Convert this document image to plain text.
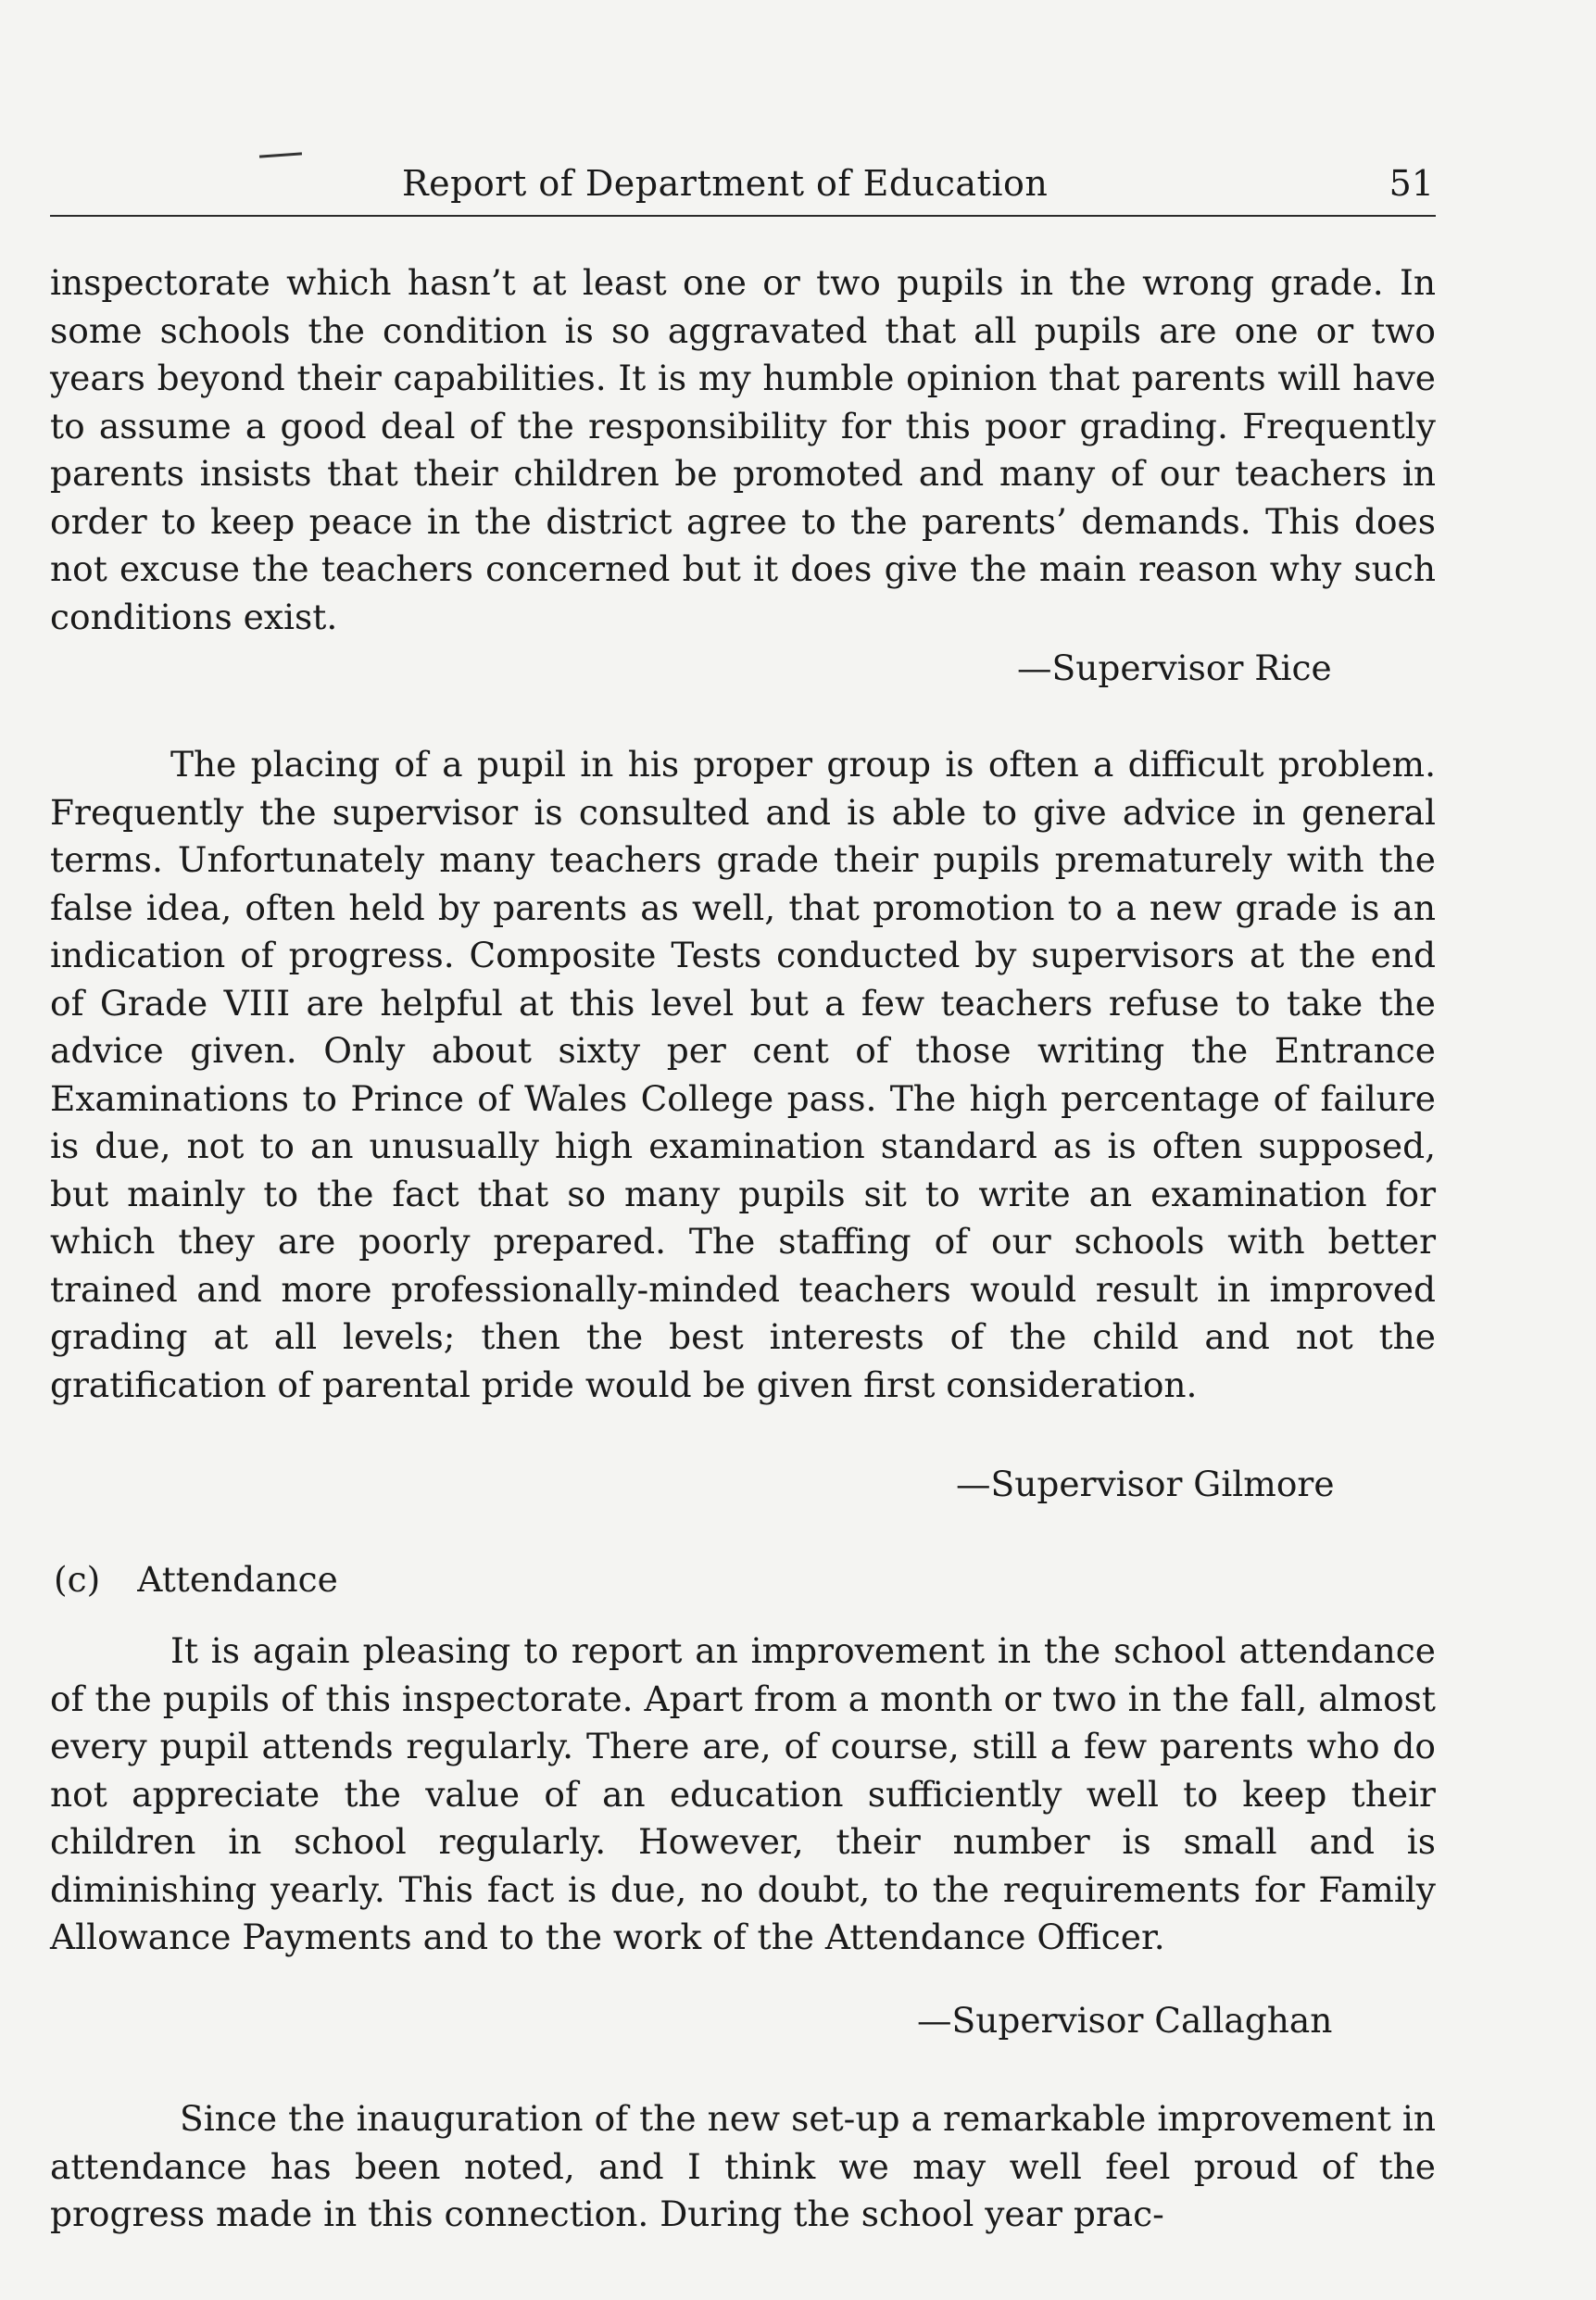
Report of Department of Education	51
inspectorate which hasn’t at least one or two pupils in the wrong grade. In some schools the condition is so aggravated that all pupils are one or two years beyond their capabilities. It is my humble opinion that parents will have to assume a good deal of the responsibility for this poor grading. Frequently parents insists that their children be promoted and many of our teachers in order to keep peace in the district agree to the parents’ demands. This does not excuse the teachers concerned but it does give the main reason why such conditions exist.
—Supervisor Rice
The placing of a pupil in his proper group is often a difficult problem. Frequently the supervisor is consulted and is able to give advice in general terms. Unfortunately many teachers grade their pupils prematurely with the false idea, often held by parents as well, that promotion to a new grade is an indication of progress. Composite Tests conducted by supervisors at the end of Grade VIII are helpful at this level but a few teachers refuse to take the advice given. Only about sixty per cent of those writing the Entrance Examinations to Prince of Wales College pass. The high percentage of failure is due, not to an unusually high examination standard as is often supposed, but mainly to the fact that so many pupils sit to write an examination for which they are poorly prepared. The staffing of our schools with better trained and more professionally-minded teachers would result in improved grading at all levels; then the best interests of the child and not the gratification of parental pride would be given first consideration.
—Supervisor Gilmore
(c) Attendance
It is again pleasing to report an improvement in the school attendance of the pupils of this inspectorate. Apart from a month or two in the fall, almost every pupil attends regularly. There are, of course, still a few parents who do not appreciate the value of an education sufficiently well to keep their children in school regularly. However, their number is small and is diminishing yearly. This fact is due, no doubt, to the requirements for Family Allowance Payments and to the work of the Attendance Officer.
—Supervisor Callaghan
Since the inauguration of the new set-up a remarkable improvement in attendance has been noted, and I think we may well feel proud of the progress made in this connection. During the school year prac-
